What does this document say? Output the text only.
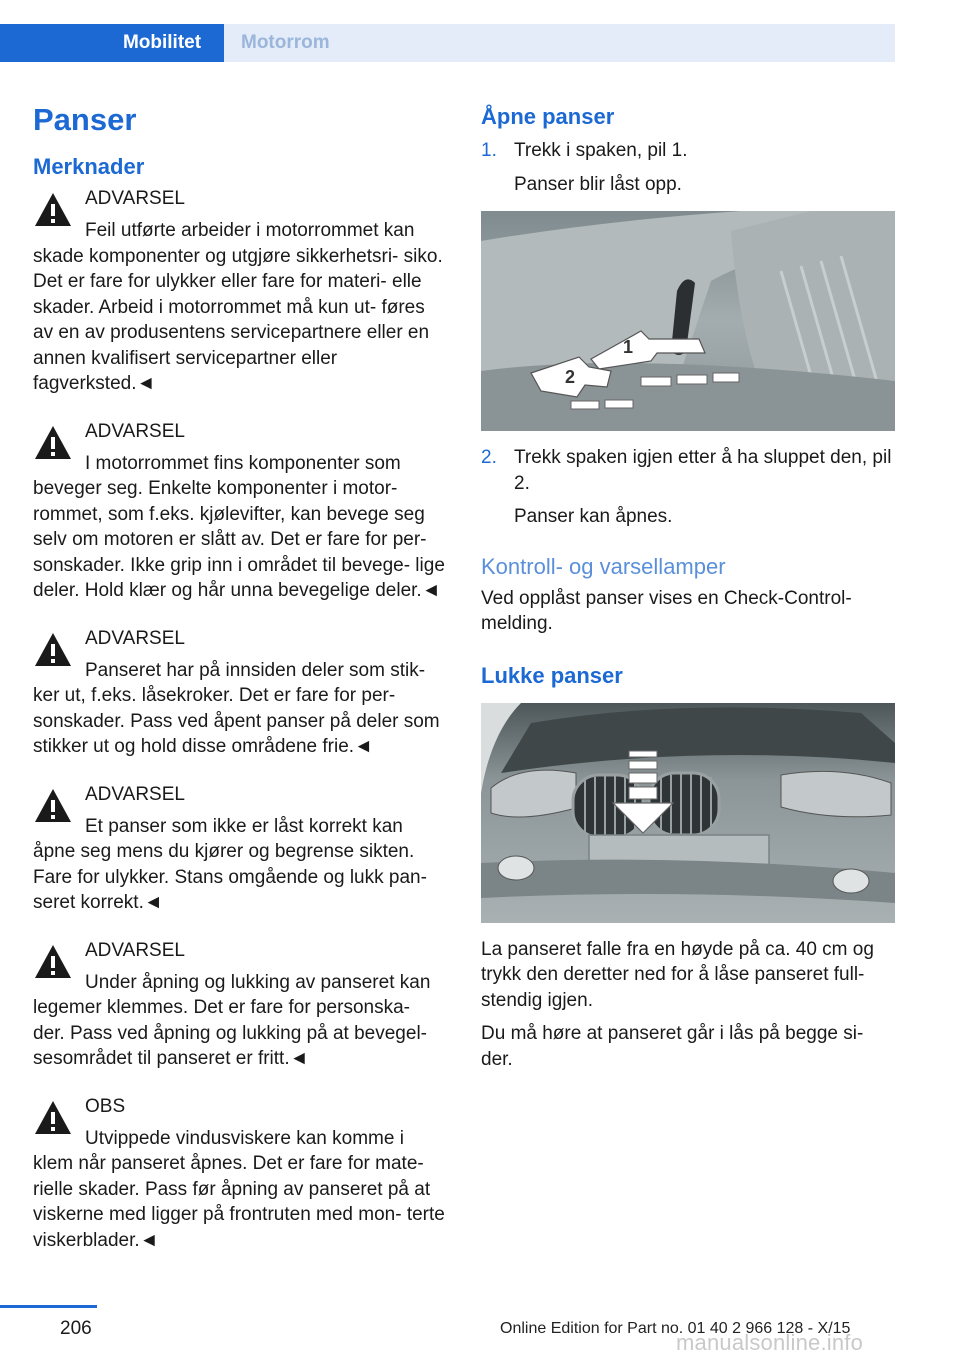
Mobilitet Motorrom
Panser
Merknader
ADVARSEL
Feil utførte arbeider i motorrommet kan skade komponenter og utgjøre sikkerhetsri‐ siko. Det er fare for ulykker eller fare for materi‐ elle skader. Arbeid i motorrommet må kun ut‐ føres av en av produsentens servicepartnere eller en annen kvalifisert servicepartner eller fagverksted.◄
ADVARSEL
I motorrommet fins komponenter som beveger seg. Enkelte komponenter i motor‐ rommet, som f.eks. kjølevifter, kan bevege seg selv om motoren er slått av. Det er fare for per‐ sonskader. Ikke grip inn i området til bevege‐ lige deler. Hold klær og hår unna bevegelige deler.◄
ADVARSEL
Panseret har på innsiden deler som stik‐ ker ut, f.eks. låsekroker. Det er fare for per‐ sonskader. Pass ved åpent panser på deler som stikker ut og hold disse områdene frie.◄
ADVARSEL
Et panser som ikke er låst korrekt kan åpne seg mens du kjører og begrense sikten. Fare for ulykker. Stans omgående og lukk pan‐ seret korrekt.◄
ADVARSEL
Under åpning og lukking av panseret kan legemer klemmes. Det er fare for personska‐ der. Pass ved åpning og lukking på at bevegel‐ sesområdet til panseret er fritt.◄
OBS
Utvippede vindusviskere kan komme i klem når panseret åpnes. Det er fare for mate‐ rielle skader. Pass før åpning av panseret på at viskerne med ligger på frontruten med mon‐ terte viskerblader.◄
Åpne panser
1. Trekk i spaken, pil 1.
Panser blir låst opp.
1
2
2. Trekk spaken igjen etter å ha sluppet den, pil 2.
Panser kan åpnes.
Kontroll- og varsellamper
Ved opplåst panser vises en Check-Control-melding.
Lukke panser
La panseret falle fra en høyde på ca. 40 cm og trykk den deretter ned for å låse panseret full‐ stendig igjen.
Du må høre at panseret går i lås på begge si‐ der.
206	Online Edition for Part no. 01 40 2 966 128 - X/15
manualsonline.info
